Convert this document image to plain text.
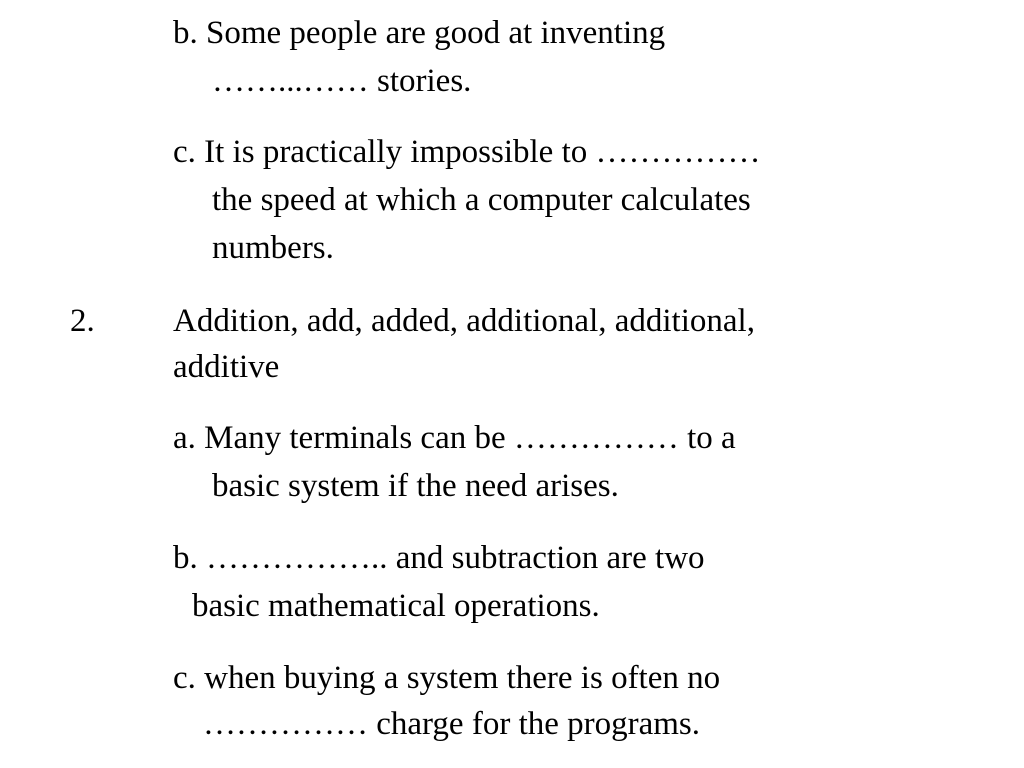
b. Some people are good at inventing
……...…… stories.
c. It is practically impossible to ……………
the speed at which a computer calculates
numbers.
2. Addition, add, added, additional, additional,
additive
a. Many terminals can be …………… to a
basic system if the need arises.
b. …………….. and subtraction are two
basic mathematical operations.
c. when buying a system there is often no
…………… charge for the programs.
